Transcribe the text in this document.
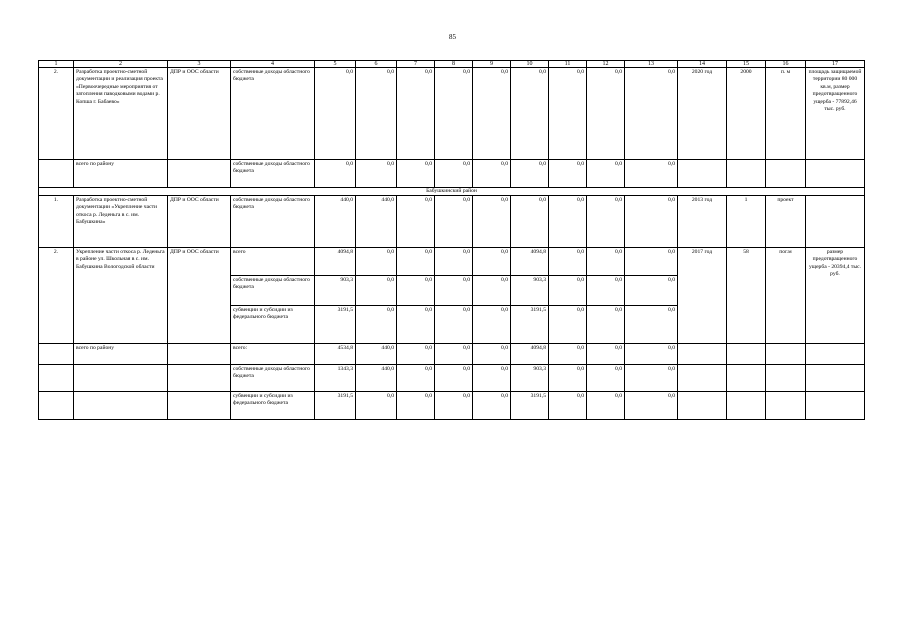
85
1	2	3	4	5	6	7	8	9	10	11	12	13	14	15	16	17
2.	Разработка проектно-сметной документации и реализация проекта «Первоочередные мероприятия от затопления паводковыми водами р. Копша г. Бабаево»	ДПР и ООС области	собственные доходы областного бюджета	0,0	0,0	0,0	0,0	0,0	0,0	0,0	0,0	0,0	2020 год	2000	п. м	площадь защищаемой территории 80 000 кв.м, размер предотвращенного ущерба - 77892,46 тыс. руб.
	всего по району		собственные доходы областного бюджета	0,0	0,0	0,0	0,0	0,0	0,0	0,0	0,0	0,0				
Бабушкинский район																
1.	Разработка проектно-сметной документации «Укрепление части откоса р. Леденьга в с. им. Бабушкина»	ДПР и ООС области	собственные доходы областного бюджета	440,0	440,0	0,0	0,0	0,0	0,0	0,0	0,0	0,0	2013 год	1	проект	
2.	Укрепление части откоса р. Леденьга в районе ул. Школьная в с. им. Бабушкина Вологодской области	ДПР и ООС области	всего	4094,8	0,0	0,0	0,0	0,0	4094,8	0,0	0,0	0,0	2017 год	58	пог.м	размер предотвращенного ущерба - 20394,4 тыс. руб.
			собственные доходы областного бюджета	903,3	0,0	0,0	0,0	0,0	903,3	0,0	0,0	0,0				
			субвенции и субсидии из федерального бюджета	3191,5	0,0	0,0	0,0	0,0	3191,5	0,0	0,0	0,0				
	всего по району		всего:	4534,8	440,0	0,0	0,0	0,0	4094,8	0,0	0,0	0,0				
			собственные доходы областного бюджета	1343,3	440,0	0,0	0,0	0,0	903,3	0,0	0,0	0,0				
			субвенции и субсидии из федерального бюджета	3191,5	0,0	0,0	0,0	0,0	3191,5	0,0	0,0	0,0				
